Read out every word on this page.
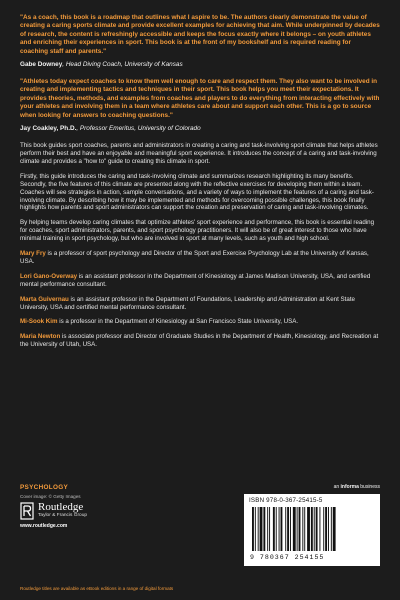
"As a coach, this book is a roadmap that outlines what I aspire to be. The authors clearly demonstrate the value of creating a caring sports climate and provide excellent examples for achieving that aim. While underpinned by decades of research, the content is refreshingly accessible and keeps the focus exactly where it belongs – on youth athletes and enriching their experiences in sport. This book is at the front of my bookshelf and is required reading for coaching staff and parents."

Gabe Downey, Head Diving Coach, University of Kansas

"Athletes today expect coaches to know them well enough to care and respect them. They also want to be involved in creating and implementing tactics and techniques in their sport. This book helps you meet their expectations. It provides theories, methods, and examples from coaches and players to do everything from interacting effectively with your athletes and involving them in a team where athletes care about and support each other. This is a go to source when looking for answers to coaching questions."

Jay Coakley, Ph.D., Professor Emeritus, University of Colorado

This book guides sport coaches, parents and administrators in creating a caring and task-involving sport climate that helps athletes perform their best and have an enjoyable and meaningful sport experience. It introduces the concept of a caring and task-involving climate and provides a "how to" guide to creating this climate in sport.

Firstly, this guide introduces the caring and task-involving climate and summarizes research highlighting its many benefits. Secondly, the five features of this climate are presented along with the reflective exercises for developing them within a team. Coaches will see strategies in action, sample conversations, and a variety of ways to implement the features of a caring and task-involving climate. By describing how it may be implemented and methods for overcoming possible challenges, this book finally highlights how parents and sport administrators can support the creation and preservation of caring and task-involving climates.

By helping teams develop caring climates that optimize athletes' sport experience and performance, this book is essential reading for coaches, sport administrators, parents, and sport psychology practitioners. It will also be of great interest to those who have minimal training in sport psychology, but who are involved in sport at many levels, such as youth and high school.

Mary Fry is a professor of sport psychology and Director of the Sport and Exercise Psychology Lab at the University of Kansas, USA.

Lori Gano-Overway is an assistant professor in the Department of Kinesiology at James Madison University, USA, and certified mental performance consultant.

Marta Guivernau is an assistant professor in the Department of Foundations, Leadership and Administration at Kent State University, USA and certified mental performance consultant.

Mi-Sook Kim is a professor in the Department of Kinesiology at San Francisco State University, USA.

Maria Newton is associate professor and Director of Graduate Studies in the Department of Health, Kinesiology, and Recreation at the University of Utah, USA.

PSYCHOLOGY
Cover image: © Getty Images
Routledge
Taylor & Francis Group
www.routledge.com
an informa business
ISBN 978-0-367-25415-5
9 780367 254155
Routledge titles are available as eBook editions in a range of digital formats
